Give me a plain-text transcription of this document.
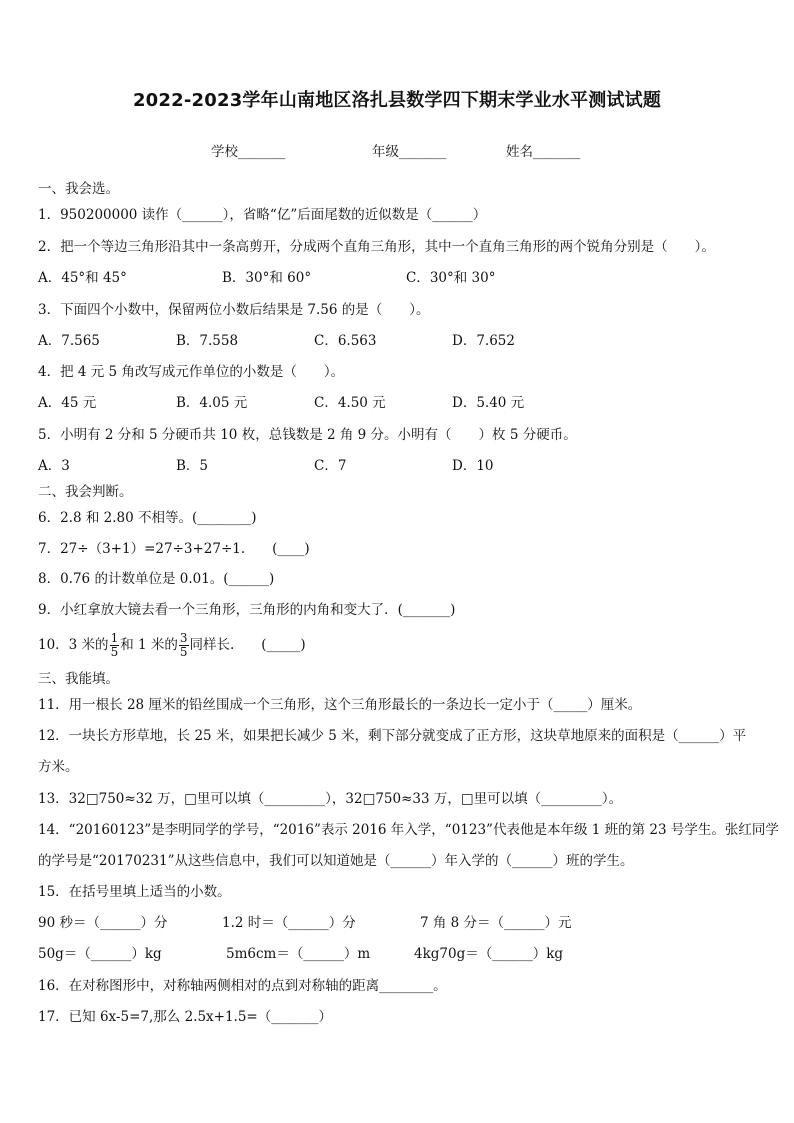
2022-2023学年山南地区洛扎县数学四下期末学业水平测试试题
学校_______	年级_______	姓名_______
一、我会选。
1．950200000 读作（______），省略“亿”后面尾数的近似数是（______）
2．把一个等边三角形沿其中一条高剪开，分成两个直角三角形，其中一个直角三角形的两个锐角分别是（　　）。
A．45°和 45°	B．30°和 60°	C．30°和 30°
3．下面四个小数中，保留两位小数后结果是 7.56 的是（　　）。
A．7.565	B．7.558	C．6.563	D．7.652
4．把 4 元 5 角改写成元作单位的小数是（　　）。
A．45 元	B．4.05 元	C．4.50 元	D．5.40 元
5．小明有 2 分和 5 分硬币共 10 枚，总钱数是 2 角 9 分。小明有（　　）枚 5 分硬币。
A．3	B．5	C．7	D．10
二、我会判断。
6．2.8 和 2.80 不相等。(________)
7．27÷（3+1）=27÷3+27÷1.　　(____)
8．0.76 的计数单位是 0.01。(______)
9．小红拿放大镜去看一个三角形，三角形的内角和变大了．(_______)
10．3 米的 $\frac{1}{5}$ 和 1 米的 $\frac{3}{5}$ 同样长.　　(_____)
三、我能填。
11．用一根长 28 厘米的铅丝围成一个三角形，这个三角形最长的一条边长一定小于（_____）厘米。
12．一块长方形草地，长 25 米，如果把长减少 5 米，剩下部分就变成了正方形，这块草地原来的面积是（______）平
方米。
13．32□750≈32 万，□里可以填（_________），32□750≈33 万，□里可以填（_________）。
14．“20160123”是李明同学的学号，“2016”表示 2016 年入学，“0123”代表他是本年级 1 班的第 23 号学生。张红同学
的学号是“20170231”从这些信息中，我们可以知道她是（______）年入学的（______）班的学生。
15．在括号里填上适当的小数。
90 秒＝（______）分	1.2 时＝（______）分	7 角 8 分＝（______）元
50g＝（______）kg	5m6cm＝（______）m	4kg70g＝（______）kg
16．在对称图形中，对称轴两侧相对的点到对称轴的距离________。
17．已知 6x-5=7,那么 2.5x+1.5=（_______）
